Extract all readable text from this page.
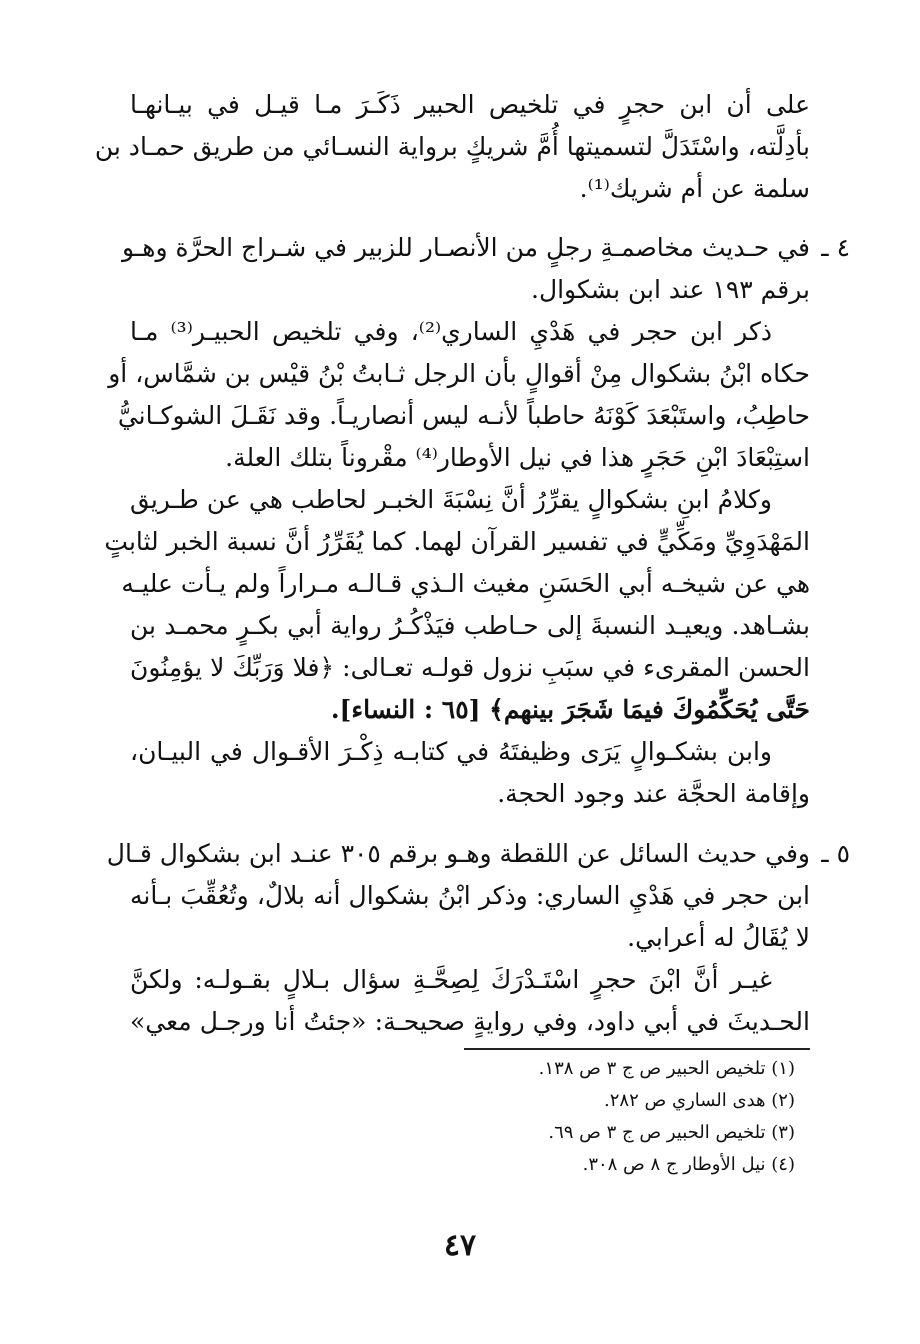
على أن ابن حجرٍ في تلخيص الحبير ذَكَـرَ مـا قيـل في بيـانهـا
بأدِلَّته، واسْتَدَلَّ لتسميتها أُمَّ شريكٍ برواية النسـائي من طريق حمـاد بن
سلمة عن أم شريك⁽¹⁾.
٤ ـ
في حـديث مخاصمـةِ رجلٍ من الأنصـار للزبير في شـراج الحرَّة وهـو
برقم ١٩٣ عند ابن بشكوال.
ذكر ابن حجر في هَدْيِ الساري⁽²⁾، وفي تلخيص الحبيـر⁽³⁾ مـا
حكاه ابْنُ بشكوال مِنْ أقوالٍ بأن الرجل ثـابتُ بْنُ قيْس بن شمَّاس، أو
حاطِبُ، واستَبْعَدَ كَوْنَهُ حاطباً لأنـه ليس أنصاريـاً. وقد نَقَـلَ الشوكـانيُّ
استِبْعَادَ ابْنِ حَجَرٍ هذا في نيل الأوطار⁽⁴⁾ مقْروناً بتلك العلة.
وكلامُ ابنِ بشكوالٍ يقرِّرُ أنَّ نِسْبَةَ الخبـر لحاطب هي عن طـريق
المَهْدَوِيِّ ومَكِّيٍّ في تفسير القرآن لهما. كما يُقَرِّرُ أنَّ نسبة الخبر لثابتٍ
هي عن شيخـه أبي الحَسَنِ مغيث الـذي قـالـه مـراراً ولم يـأت عليـه
بشـاهد. ويعيـد النسبةَ إلى حـاطب فيَذْكُـرُ رواية أبي بكـرٍ محمـد بن
الحسن المقرىء في سبَبِ نزول قولـه تعـالى: ﴿فلا وَرَبِّكَ لا يؤمِنُونَ
حَتَّى يُحَكِّمُوكَ فيمَا شَجَرَ بينهم﴾ [٦٥ : النساء].
وابن بشكـوالٍ يَرَى وظيفتَهُ في كتابـه ذِكْـرَ الأقـوال في البيـان،
وإقامة الحجَّة عند وجود الحجة.
٥ ـ
وفي حديث السائل عن اللقطة وهـو برقم ٣٠٥ عنـد ابن بشكوال قـال
ابن حجر في هَدْيِ الساري: وذكر ابْنُ بشكوال أنه بلالٌ، وتُعُقِّبَ بـأنه
لا يُقَالُ له أعرابي.
غيـر أنَّ ابْنَ حجرٍ اسْتَـدْرَكَ لِصِحَّـةِ سؤال بـلالٍ بقـولـه: ولكنَّ
الحـديثَ في أبي داود، وفي روايةٍ صحيحـة: «جئتُ أنا ورجـل معي»
(١) تلخيص الحبير ص ج ٣ ص ١٣٨.
(٢) هدى الساري ص ٢٨٢.
(٣) تلخيص الحبير ص ج ٣ ص ٦٩.
(٤) نيل الأوطار ج ٨ ص ٣٠٨.
٤٧
